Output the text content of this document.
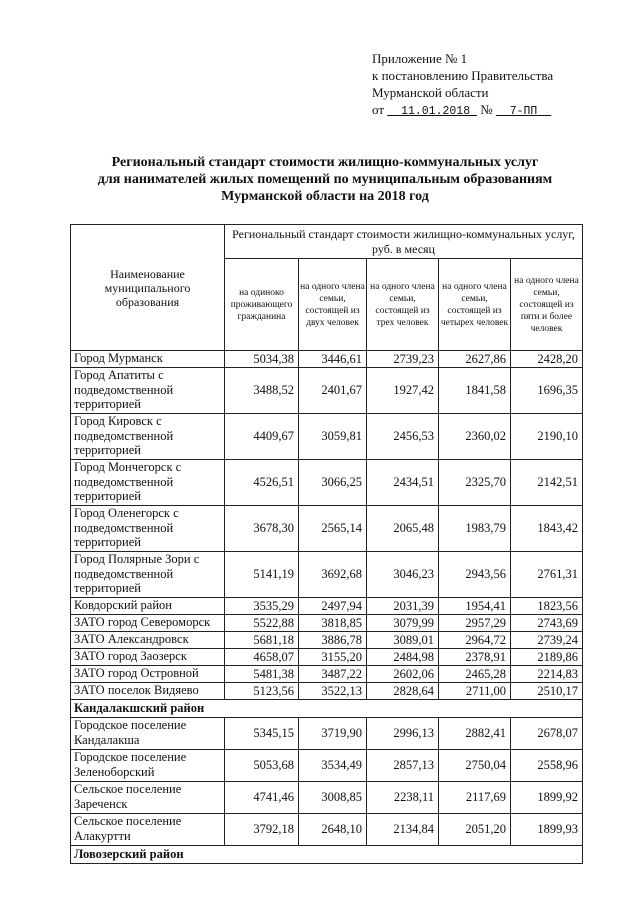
Приложение № 1
к постановлению Правительства
Мурманской области
от 11.01.2018 № 7-ПП
Региональный стандарт стоимости жилищно-коммунальных услуг
для нанимателей жилых помещений по муниципальным образованиям
Мурманской области на 2018 год
Наименование муниципального образования	Региональный стандарт стоимости жилищно-коммунальных услуг, руб. в месяц				
	на одиноко проживающего гражданина	на одного члена семьи, состоящей из двух человек	на одного члена семьи, состоящей из трех человек	на одного члена семьи, состоящей из четырех человек	на одного члена семьи, состоящей из пяти и более человек
Город Мурманск	5034,38	3446,61	2739,23	2627,86	2428,20
Город Апатиты с подведомственной территорией	3488,52	2401,67	1927,42	1841,58	1696,35
Город Кировск с подведомственной территорией	4409,67	3059,81	2456,53	2360,02	2190,10
Город Мончегорск с подведомственной территорией	4526,51	3066,25	2434,51	2325,70	2142,51
Город Оленегорск с подведомственной территорией	3678,30	2565,14	2065,48	1983,79	1843,42
Город Полярные Зори с подведомственной территорией	5141,19	3692,68	3046,23	2943,56	2761,31
Ковдорский район	3535,29	2497,94	2031,39	1954,41	1823,56
ЗАТО город Североморск	5522,88	3818,85	3079,99	2957,29	2743,69
ЗАТО Александровск	5681,18	3886,78	3089,01	2964,72	2739,24
ЗАТО город Заозерск	4658,07	3155,20	2484,98	2378,91	2189,86
ЗАТО город Островной	5481,38	3487,22	2602,06	2465,28	2214,83
ЗАТО поселок Видяево	5123,56	3522,13	2828,64	2711,00	2510,17
Кандалакшский район					
Городское поселение Кандалакша	5345,15	3719,90	2996,13	2882,41	2678,07
Городское поселение Зеленоборский	5053,68	3534,49	2857,13	2750,04	2558,96
Сельское поселение Зареченск	4741,46	3008,85	2238,11	2117,69	1899,92
Сельское поселение Алакуртти	3792,18	2648,10	2134,84	2051,20	1899,93
Ловозерский район					
